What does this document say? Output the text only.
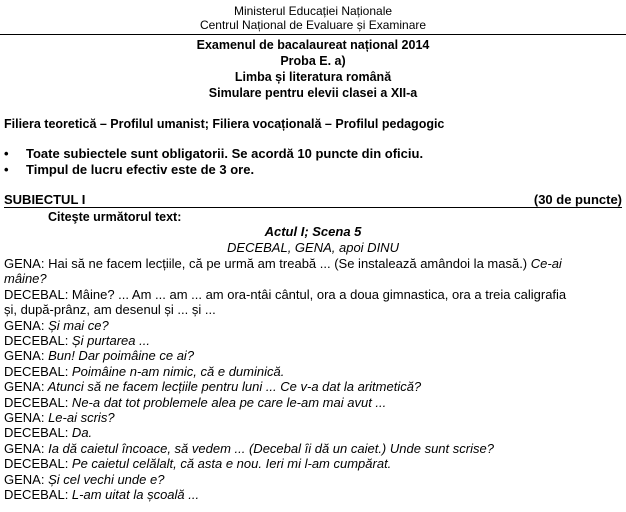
Ministerul Educației Naționale
Centrul Național de Evaluare și Examinare
Examenul de bacalaureat național 2014
Proba E. a)
Limba și literatura română
Simulare pentru elevii clasei a XII-a
Filiera teoretică – Profilul umanist; Filiera vocațională – Profilul pedagogic
• Toate subiectele sunt obligatorii. Se acordă 10 puncte din oficiu.
• Timpul de lucru efectiv este de 3 ore.
SUBIECTUL I	(30 de puncte)
Citeşte următorul text:
Actul I; Scena 5
DECEBAL, GENA, apoi DINU
GENA: Hai să ne facem lecțiile, că pe urmă am treabă ... (Se instalează amândoi la masă.) Ce-ai
mâine?
DECEBAL: Mâine? ... Am ... am ... am ora-ntâi cântul, ora a doua gimnastica, ora a treia caligrafia
și, după-prânz, am desenul și ... și ...
GENA: Și mai ce?
DECEBAL: Și purtarea ...
GENA: Bun! Dar poimâine ce ai?
DECEBAL: Poimâine n-am nimic, că e duminică.
GENA: Atunci să ne facem lecțiile pentru luni ... Ce v-a dat la aritmetică?
DECEBAL: Ne-a dat tot problemele alea pe care le-am mai avut ...
GENA: Le-ai scris?
DECEBAL: Da.
GENA: Ia dă caietul încoace, să vedem ... (Decebal îi dă un caiet.) Unde sunt scrise?
DECEBAL: Pe caietul celălalt, că asta e nou. Ieri mi l-am cumpărat.
GENA: Și cel vechi unde e?
DECEBAL: L-am uitat la școală ...
